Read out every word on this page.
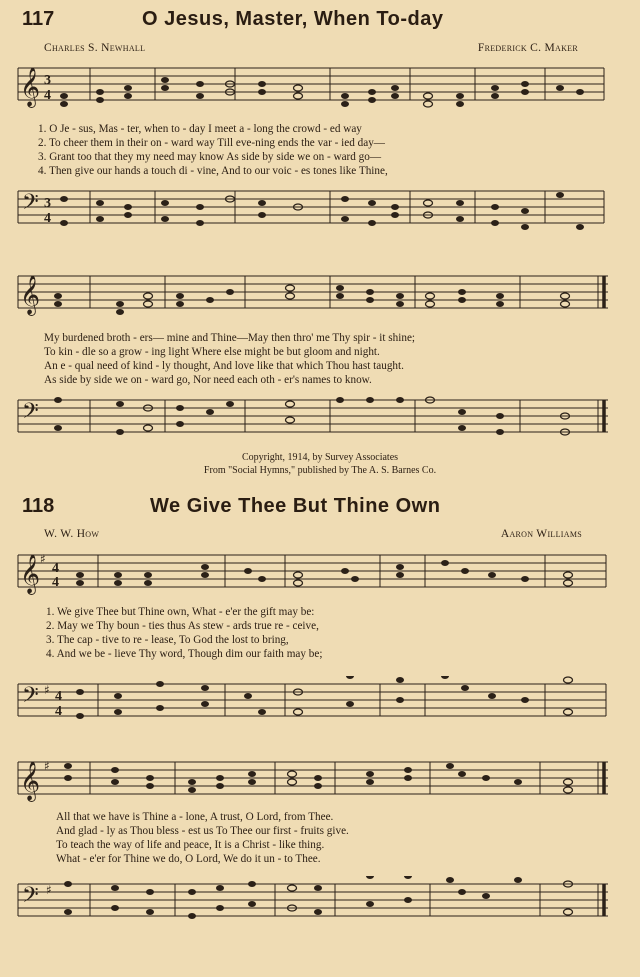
117	O Jesus, Master, When To-day
Charles S. Newhall	Frederick C. Maker
𝄞 3
4
1. O Je - sus, Mas - ter, when to - day I meet a - long the crowd - ed way
2. To cheer them in their on - ward way Till eve-ning ends the var - ied day—
3. Grant too that they my need may know As side by side we on - ward go—
4. Then give our hands a touch di - vine, And to our voic - es tones like Thine,
𝄢 3
4
𝄞
My burdened broth - ers— mine and Thine—May then thro' me Thy spir - it shine;
To kin - dle so a grow - ing light Where else might be but gloom and night.
An e - qual need of kind - ly thought, And love like that which Thou hast taught.
As side by side we on - ward go, Nor need each oth - er's names to know.
𝄢
Copyright, 1914, by Survey Associates
From "Social Hymns," published by The A. S. Barnes Co.
118	We Give Thee But Thine Own
W. W. How	Aaron Williams
𝄞 ♯
4
4
1. We give Thee but Thine own, What - e'er the gift may be:
2. May we Thy boun - ties thus As stew - ards true re - ceive,
3. The cap - tive to re - lease, To God the lost to bring,
4. And we be - lieve Thy word, Though dim our faith may be;
𝄢 ♯ 4
4
𝄞 ♯
All that we have is Thine a - lone, A trust, O Lord, from Thee.
And glad - ly as Thou bless - est us To Thee our first - fruits give.
To teach the way of life and peace, It is a Christ - like thing.
What - e'er for Thine we do, O Lord, We do it un - to Thee.
𝄢 ♯
